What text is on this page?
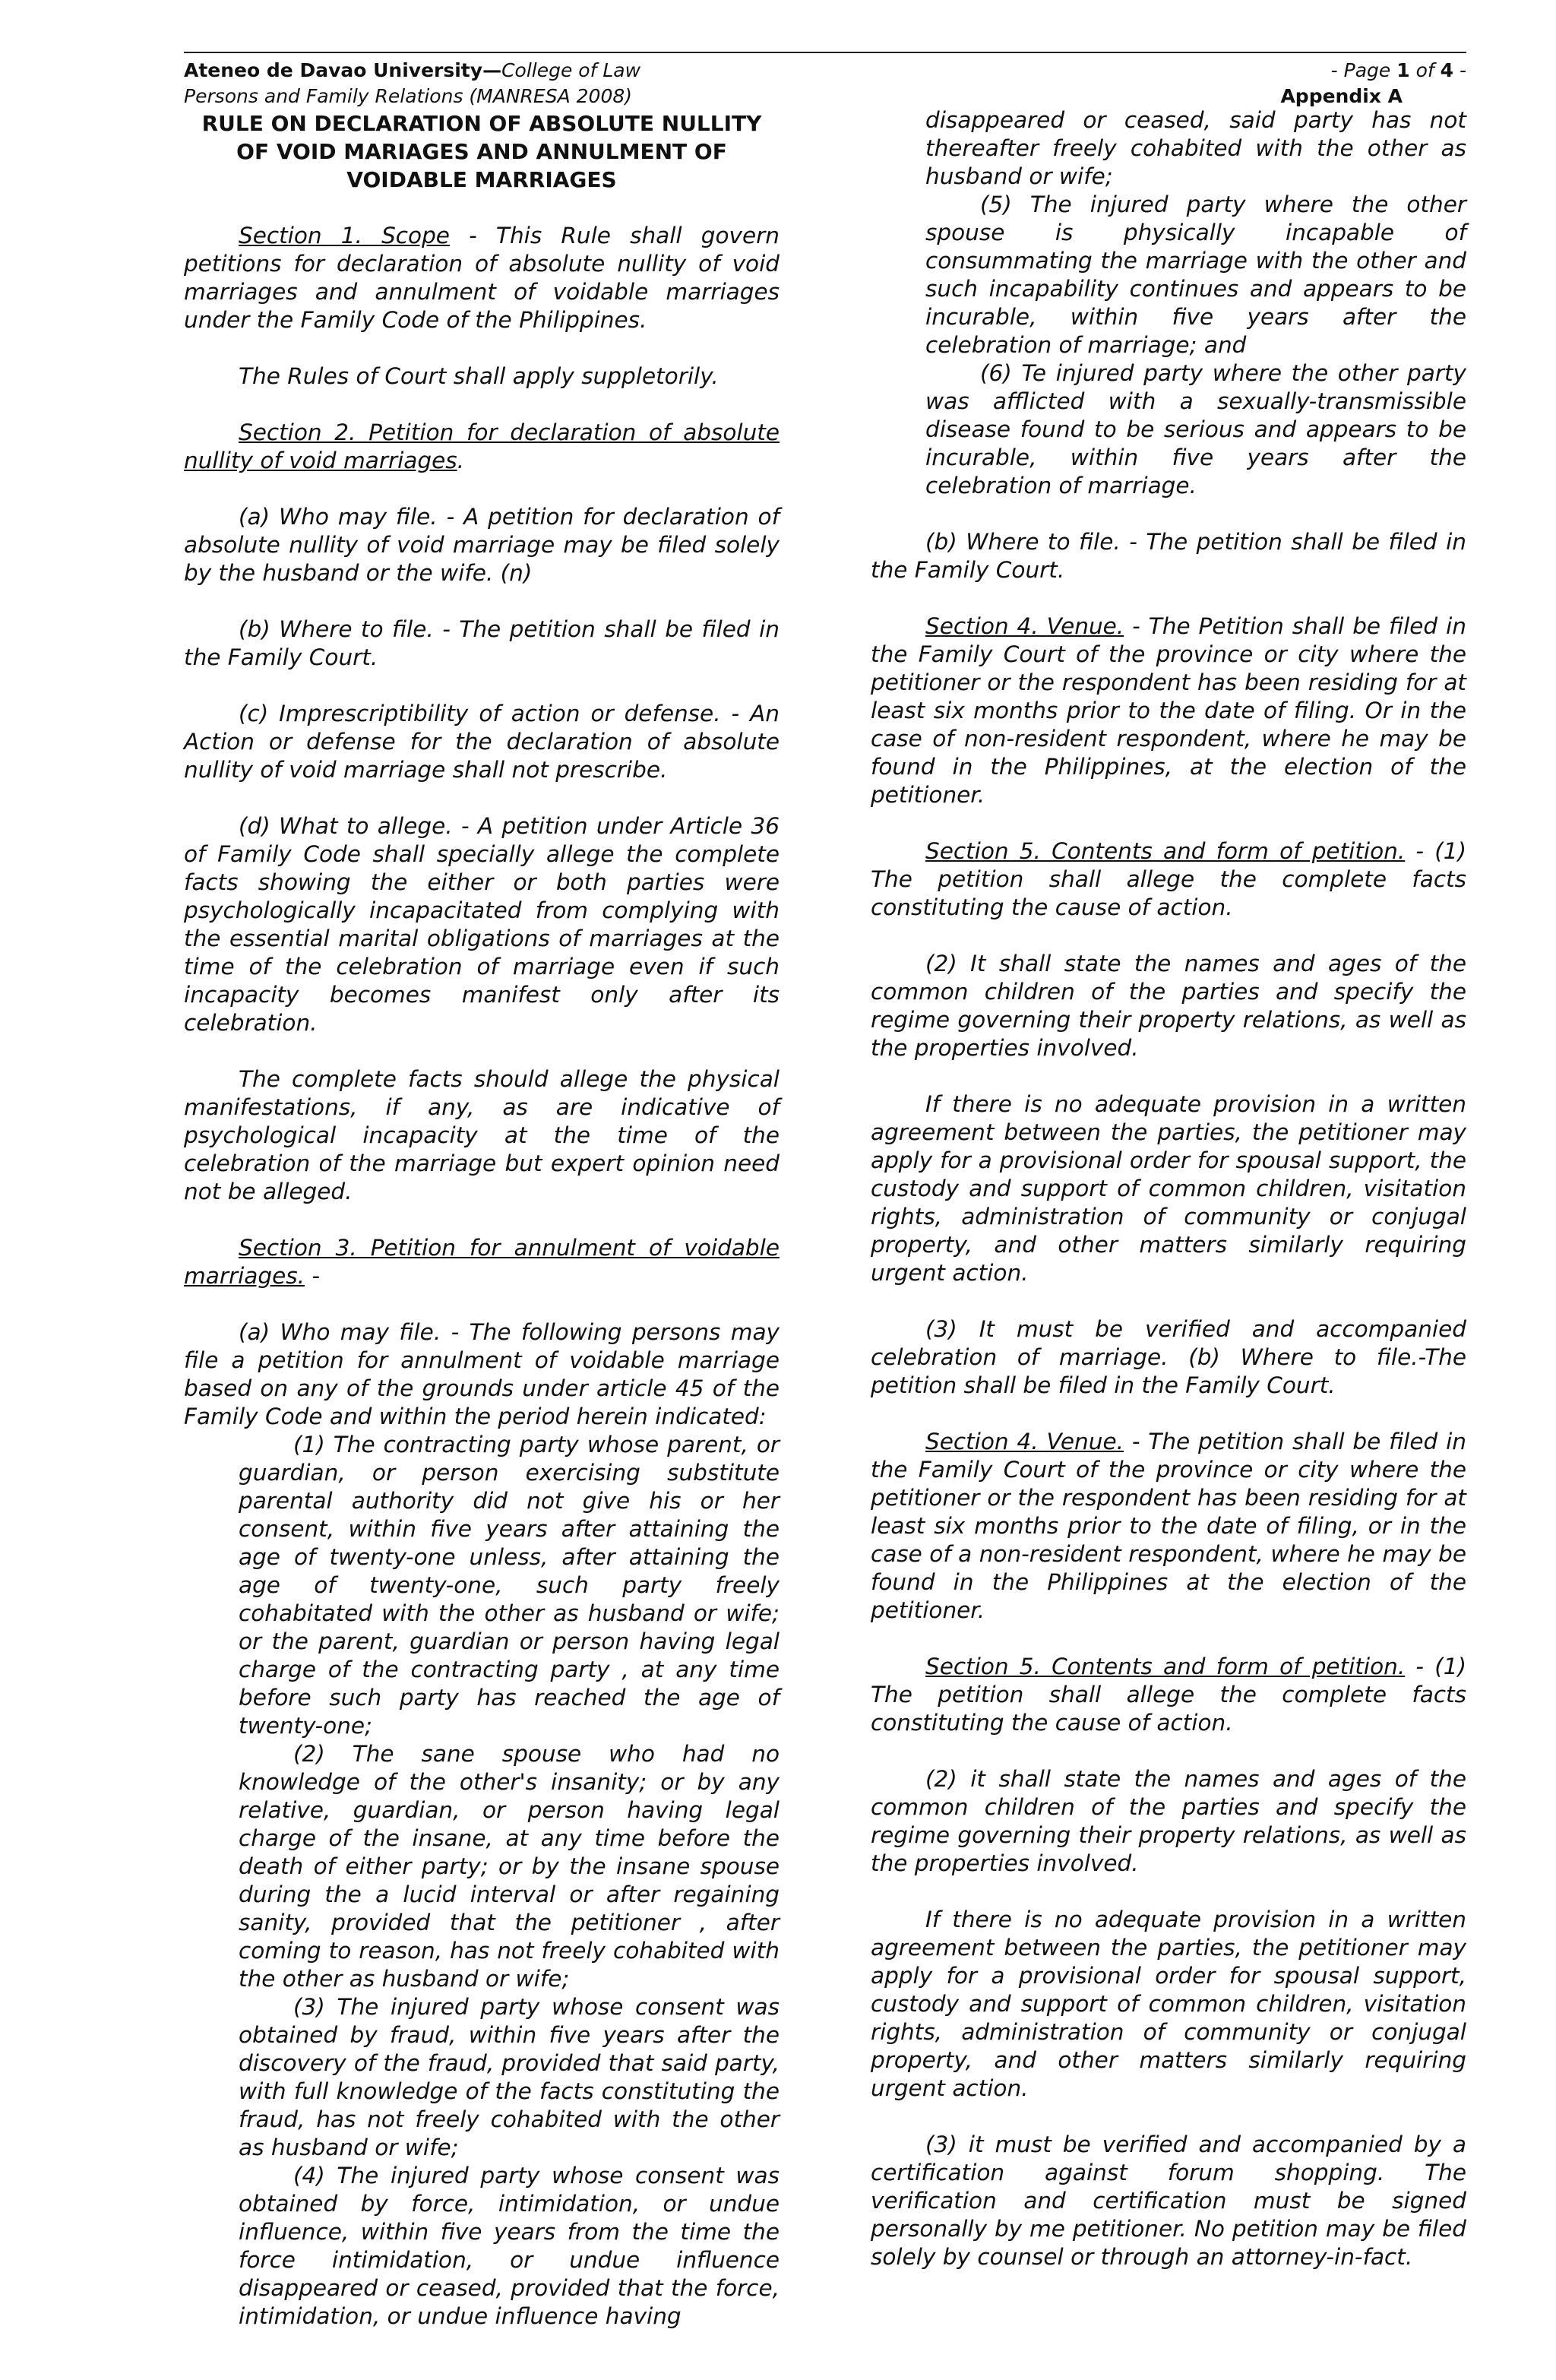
Ateneo de Davao University—College of Law
Persons and Family Relations (MANRESA 2008)
- Page 1 of 4 -
Appendix A
RULE ON DECLARATION OF ABSOLUTE NULLITY OF VOID MARIAGES AND ANNULMENT OF VOIDABLE MARRIAGES
Section 1. Scope - This Rule shall govern petitions for declaration of absolute nullity of void marriages and annulment of voidable marriages under the Family Code of the Philippines.
The Rules of Court shall apply suppletorily.
Section 2. Petition for declaration of absolute nullity of void marriages.
(a) Who may file. - A petition for declaration of absolute nullity of void marriage may be filed solely by the husband or the wife. (n)
(b) Where to file. - The petition shall be filed in the Family Court.
(c) Imprescriptibility of action or defense. - An Action or defense for the declaration of absolute nullity of void marriage shall not prescribe.
(d) What to allege. - A petition under Article 36 of Family Code shall specially allege the complete facts showing the either or both parties were psychologically incapacitated from complying with the essential marital obligations of marriages at the time of the celebration of marriage even if such incapacity becomes manifest only after its celebration.
The complete facts should allege the physical manifestations, if any, as are indicative of psychological incapacity at the time of the celebration of the marriage but expert opinion need not be alleged.
Section 3. Petition for annulment of voidable marriages. -
(a) Who may file. - The following persons may file a petition for annulment of voidable marriage based on any of the grounds under article 45 of the Family Code and within the period herein indicated:
(1) The contracting party whose parent, or guardian, or person exercising substitute parental authority did not give his or her consent, within five years after attaining the age of twenty-one unless, after attaining the age of twenty-one, such party freely cohabitated with the other as husband or wife; or the parent, guardian or person having legal charge of the contracting party , at any time before such party has reached the age of twenty-one;
(2) The sane spouse who had no knowledge of the other's insanity; or by any relative, guardian, or person having legal charge of the insane, at any time before the death of either party; or by the insane spouse during the a lucid interval or after regaining sanity, provided that the petitioner , after coming to reason, has not freely cohabited with the other as husband or wife;
(3) The injured party whose consent was obtained by fraud, within five years after the discovery of the fraud, provided that said party, with full knowledge of the facts constituting the fraud, has not freely cohabited with the other as husband or wife;
(4) The injured party whose consent was obtained by force, intimidation, or undue influence, within five years from the time the force intimidation, or undue influence disappeared or ceased, provided that the force, intimidation, or undue influence having
disappeared or ceased, said party has not thereafter freely cohabited with the other as husband or wife;
(5) The injured party where the other spouse is physically incapable of consummating the marriage with the other and such incapability continues and appears to be incurable, within five years after the celebration of marriage; and
(6) Te injured party where the other party was afflicted with a sexually-transmissible disease found to be serious and appears to be incurable, within five years after the celebration of marriage.
(b) Where to file. - The petition shall be filed in the Family Court.
Section 4. Venue. - The Petition shall be filed in the Family Court of the province or city where the petitioner or the respondent has been residing for at least six months prior to the date of filing. Or in the case of non-resident respondent, where he may be found in the Philippines, at the election of the petitioner.
Section 5. Contents and form of petition. - (1) The petition shall allege the complete facts constituting the cause of action.
(2) It shall state the names and ages of the common children of the parties and specify the regime governing their property relations, as well as the properties involved.
If there is no adequate provision in a written agreement between the parties, the petitioner may apply for a provisional order for spousal support, the custody and support of common children, visitation rights, administration of community or conjugal property, and other matters similarly requiring urgent action.
(3) It must be verified and accompanied celebration of marriage. (b) Where to file.-The petition shall be filed in the Family Court.
Section 4. Venue. - The petition shall be filed in the Family Court of the province or city where the petitioner or the respondent has been residing for at least six months prior to the date of filing, or in the case of a non-resident respondent, where he may be found in the Philippines at the election of the petitioner.
Section 5. Contents and form of petition. - (1) The petition shall allege the complete facts constituting the cause of action.
(2) it shall state the names and ages of the common children of the parties and specify the regime governing their property relations, as well as the properties involved.
If there is no adequate provision in a written agreement between the parties, the petitioner may apply for a provisional order for spousal support, custody and support of common children, visitation rights, administration of community or conjugal property, and other matters similarly requiring urgent action.
(3) it must be verified and accompanied by a certification against forum shopping. The verification and certification must be signed personally by me petitioner. No petition may be filed solely by counsel or through an attorney-in-fact.
